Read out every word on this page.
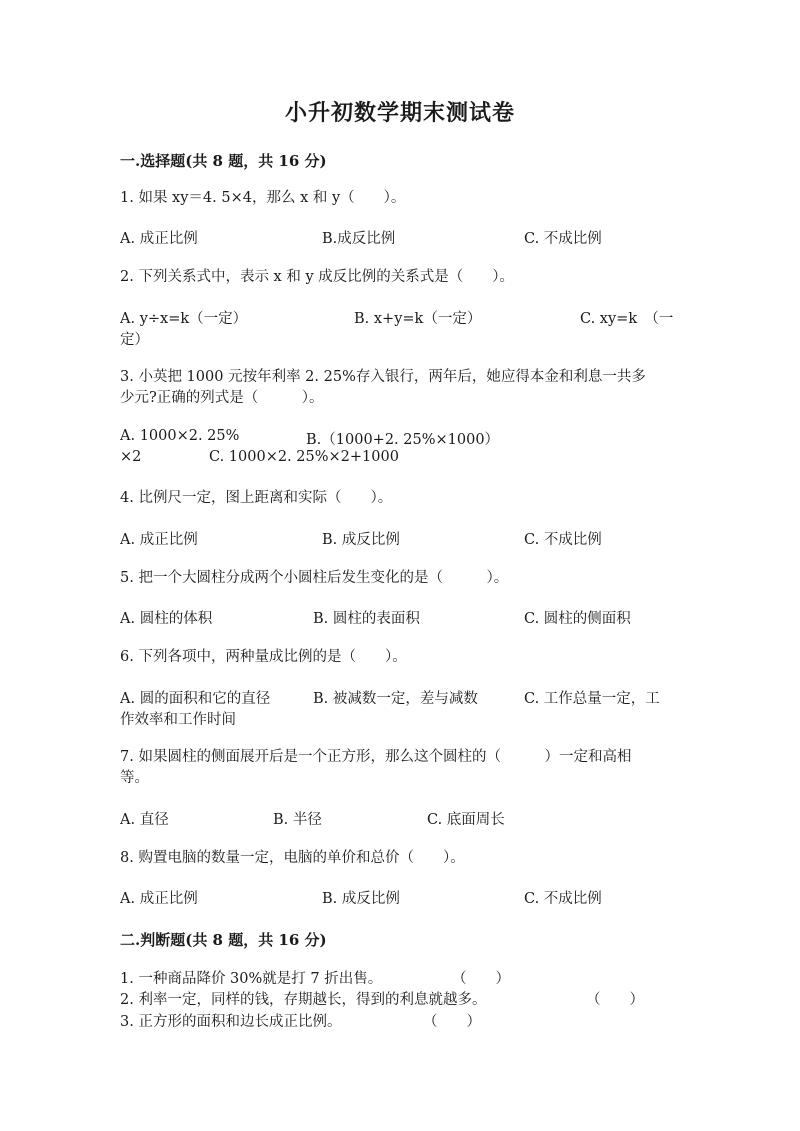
小升初数学期末测试卷
一.选择题(共 8 题，共 16 分)
1. 如果 xy＝4. 5×4，那么 x 和 y（　　）。
A. 成正比例	B.成反比例	C. 不成比例
2. 下列关系式中，表示 x 和 y 成反比例的关系式是（　　）。
A. y÷x=k（一定）	B. x+y=k（一定）	C. xy=k　（一
定）
3. 小英把 1000 元按年利率 2. 25%存入银行，两年后，她应得本金和利息一共多
少元?正确的列式是（　　　）。
A. 1000×2. 25%	B.（1000+2. 25%×1000）
×2	C. 1000×2. 25%×2+1000
4. 比例尺一定，图上距离和实际（　　）。
A. 成正比例	B. 成反比例	C. 不成比例
5. 把一个大圆柱分成两个小圆柱后发生变化的是（　　　）。
A. 圆柱的体积	B. 圆柱的表面积	C. 圆柱的侧面积
6. 下列各项中，两种量成比例的是（　　）。
A. 圆的面积和它的直径	B. 被减数一定，差与减数	C. 工作总量一定，工
作效率和工作时间
7. 如果圆柱的侧面展开后是一个正方形，那么这个圆柱的（　　　）一定和高相
等。
A. 直径	B. 半径	C. 底面周长
8. 购置电脑的数量一定，电脑的单价和总价（　　）。
A. 成正比例	B. 成反比例	C. 不成比例
二.判断题(共 8 题，共 16 分)
1. 一种商品降价 30%就是打 7 折出售。	（　　）
2. 利率一定，同样的钱，存期越长，得到的利息就越多。	（　　）
3. 正方形的面积和边长成正比例。	（　　）
